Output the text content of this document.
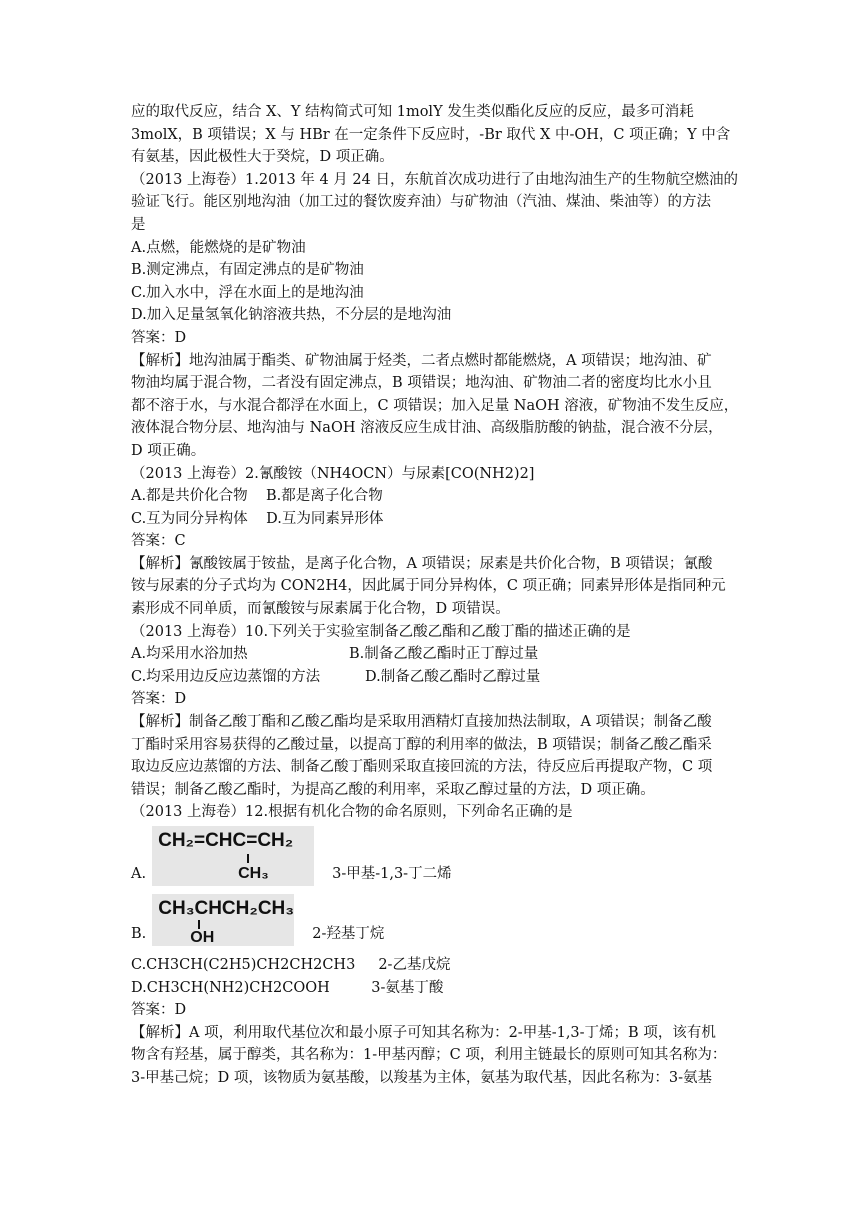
应的取代反应，结合 X、Y 结构简式可知 1molY 发生类似酯化反应的反应，最多可消耗

3molX，B 项错误；X 与 HBr 在一定条件下反应时，-Br 取代 X 中-OH，C 项正确；Y 中含

有氨基，因此极性大于癸烷，D 项正确。

（2013 上海卷）1.2013 年 4 月 24 日，东航首次成功进行了由地沟油生产的生物航空燃油的

验证飞行。能区别地沟油（加工过的餐饮废弃油）与矿物油（汽油、煤油、柴油等）的方法

是

A.点燃，能燃烧的是矿物油

B.测定沸点，有固定沸点的是矿物油

C.加入水中，浮在水面上的是地沟油

D.加入足量氢氧化钠溶液共热，不分层的是地沟油

答案：D

【解析】地沟油属于酯类、矿物油属于烃类，二者点燃时都能燃烧，A 项错误；地沟油、矿

物油均属于混合物，二者没有固定沸点，B 项错误；地沟油、矿物油二者的密度均比水小且

都不溶于水，与水混合都浮在水面上，C 项错误；加入足量 NaOH 溶液，矿物油不发生反应，

液体混合物分层、地沟油与 NaOH 溶液反应生成甘油、高级脂肪酸的钠盐，混合液不分层，

D 项正确。

（2013 上海卷）2.氰酸铵（NH4OCN）与尿素[CO(NH2)2]

A.都是共价化合物    B.都是离子化合物

C.互为同分异构体    D.互为同素异形体

答案：C

【解析】氰酸铵属于铵盐，是离子化合物，A 项错误；尿素是共价化合物，B 项错误；氰酸

铵与尿素的分子式均为 CON2H4，因此属于同分异构体，C 项正确；同素异形体是指同种元

素形成不同单质，而氰酸铵与尿素属于化合物，D 项错误。

（2013 上海卷）10.下列关于实验室制备乙酸乙酯和乙酸丁酯的描述正确的是

A.均采用水浴加热	B.制备乙酸乙酯时正丁醇过量
C.均采用边反应边蒸馏的方法	D.制备乙酸乙酯时乙醇过量

答案：D

【解析】制备乙酸丁酯和乙酸乙酯均是采取用酒精灯直接加热法制取，A 项错误；制备乙酸

丁酯时采用容易获得的乙酸过量，以提高丁醇的利用率的做法，B 项错误；制备乙酸乙酯采

取边反应边蒸馏的方法、制备乙酸丁酯则采取直接回流的方法，待反应后再提取产物，C 项

错误；制备乙酸乙酯时，为提高乙酸的利用率，采取乙醇过量的方法，D 项正确。

（2013 上海卷）12.根据有机化合物的命名原则，下列命名正确的是

A.
CH₂=CHC=CH₂
CH₃	3-甲基-1,3-丁二烯
B.
CH₃CHCH₂CH₃
OH	2-羟基丁烷

C.CH3CH(C2H5)CH2CH2CH3     2-乙基戊烷

D.CH3CH(NH2)CH2COOH         3-氨基丁酸

答案：D

【解析】A 项，利用取代基位次和最小原子可知其名称为：2-甲基-1,3-丁烯；B 项，该有机

物含有羟基，属于醇类，其名称为：1-甲基丙醇；C 项，利用主链最长的原则可知其名称为：

3-甲基己烷；D 项，该物质为氨基酸，以羧基为主体，氨基为取代基，因此名称为：3-氨基
